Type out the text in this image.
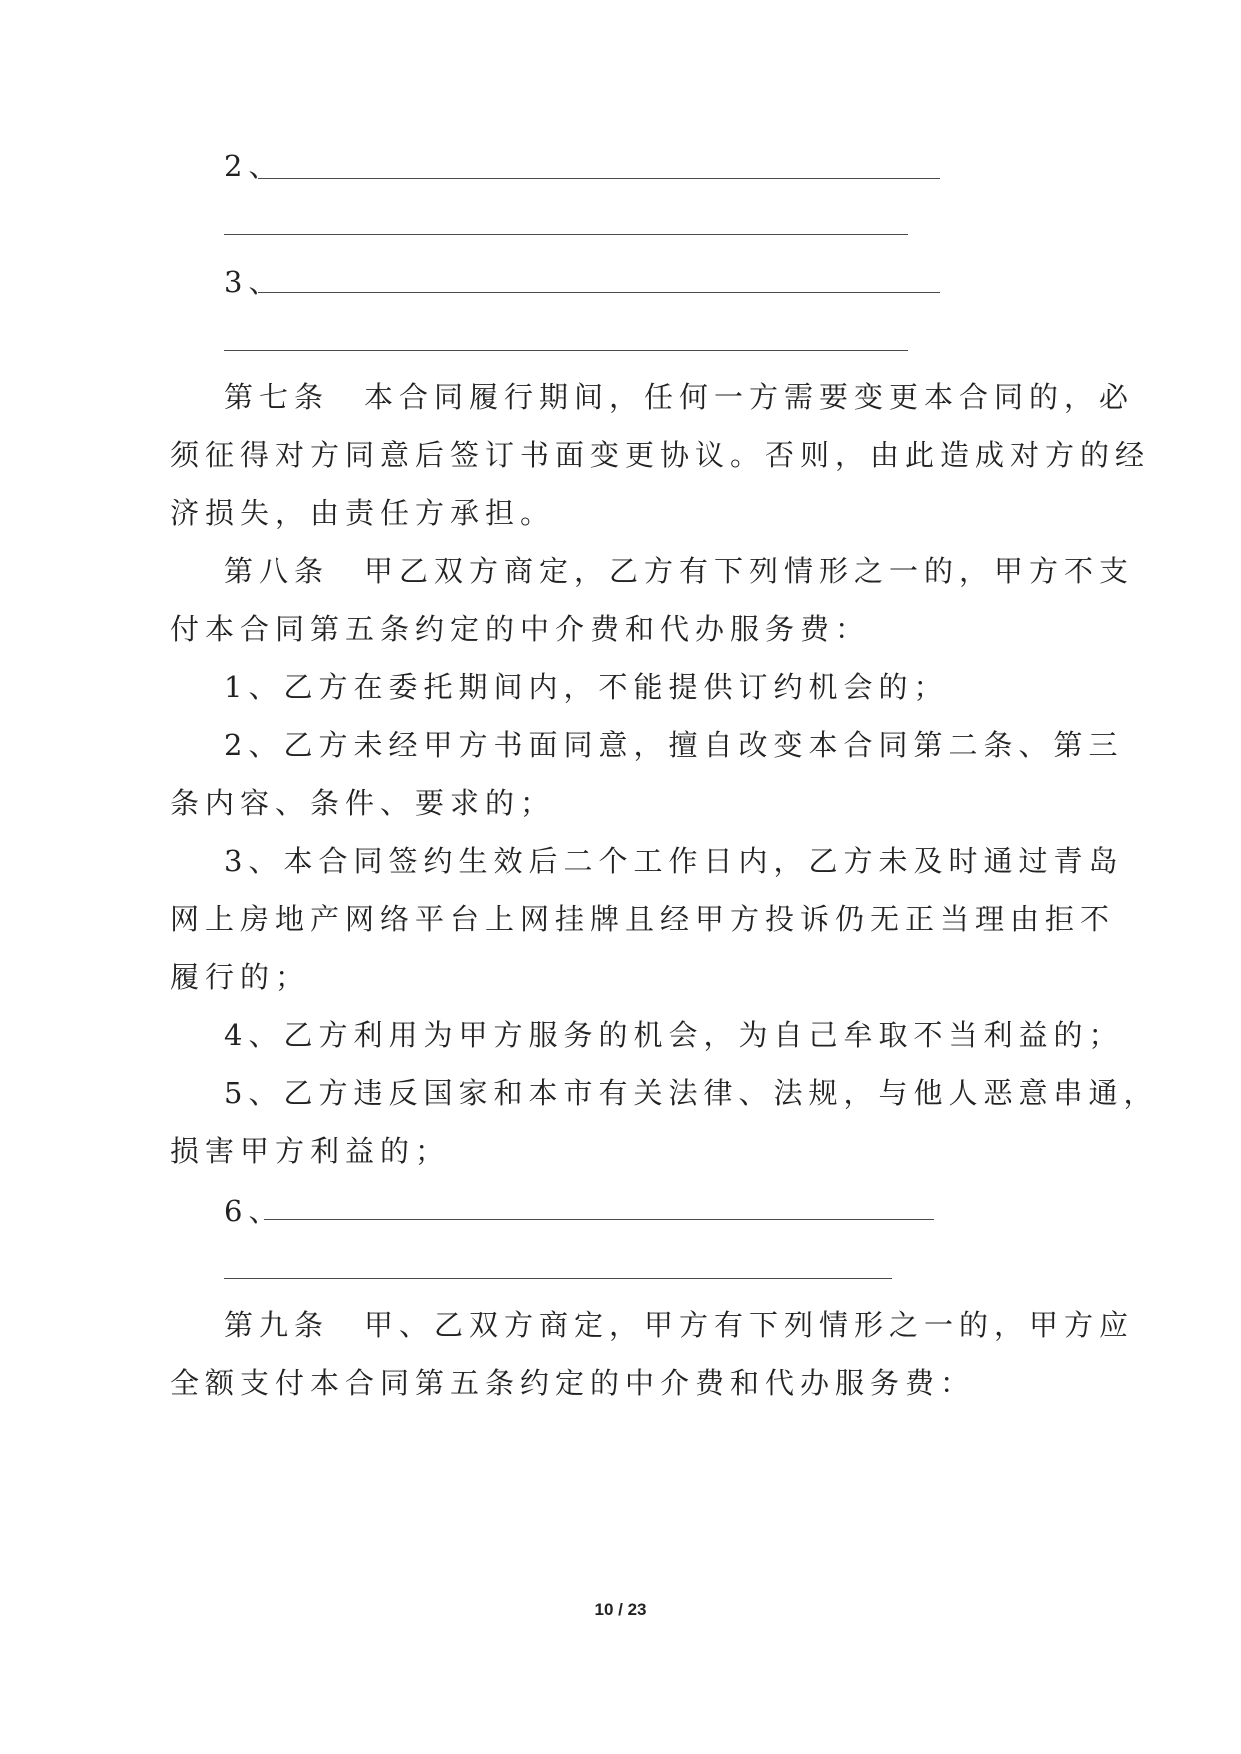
2、
3、
第七条　本合同履行期间，任何一方需要变更本合同的，必
须征得对方同意后签订书面变更协议。否则，由此造成对方的经
济损失，由责任方承担。
第八条　甲乙双方商定，乙方有下列情形之一的，甲方不支
付本合同第五条约定的中介费和代办服务费：
1、乙方在委托期间内，不能提供订约机会的；
2、乙方未经甲方书面同意，擅自改变本合同第二条、第三
条内容、条件、要求的；
3、本合同签约生效后二个工作日内，乙方未及时通过青岛
网上房地产网络平台上网挂牌且经甲方投诉仍无正当理由拒不
履行的；
4、乙方利用为甲方服务的机会，为自己牟取不当利益的；
5、乙方违反国家和本市有关法律、法规，与他人恶意串通，
损害甲方利益的；
6、
第九条　甲、乙双方商定，甲方有下列情形之一的，甲方应
全额支付本合同第五条约定的中介费和代办服务费：
10 / 23
